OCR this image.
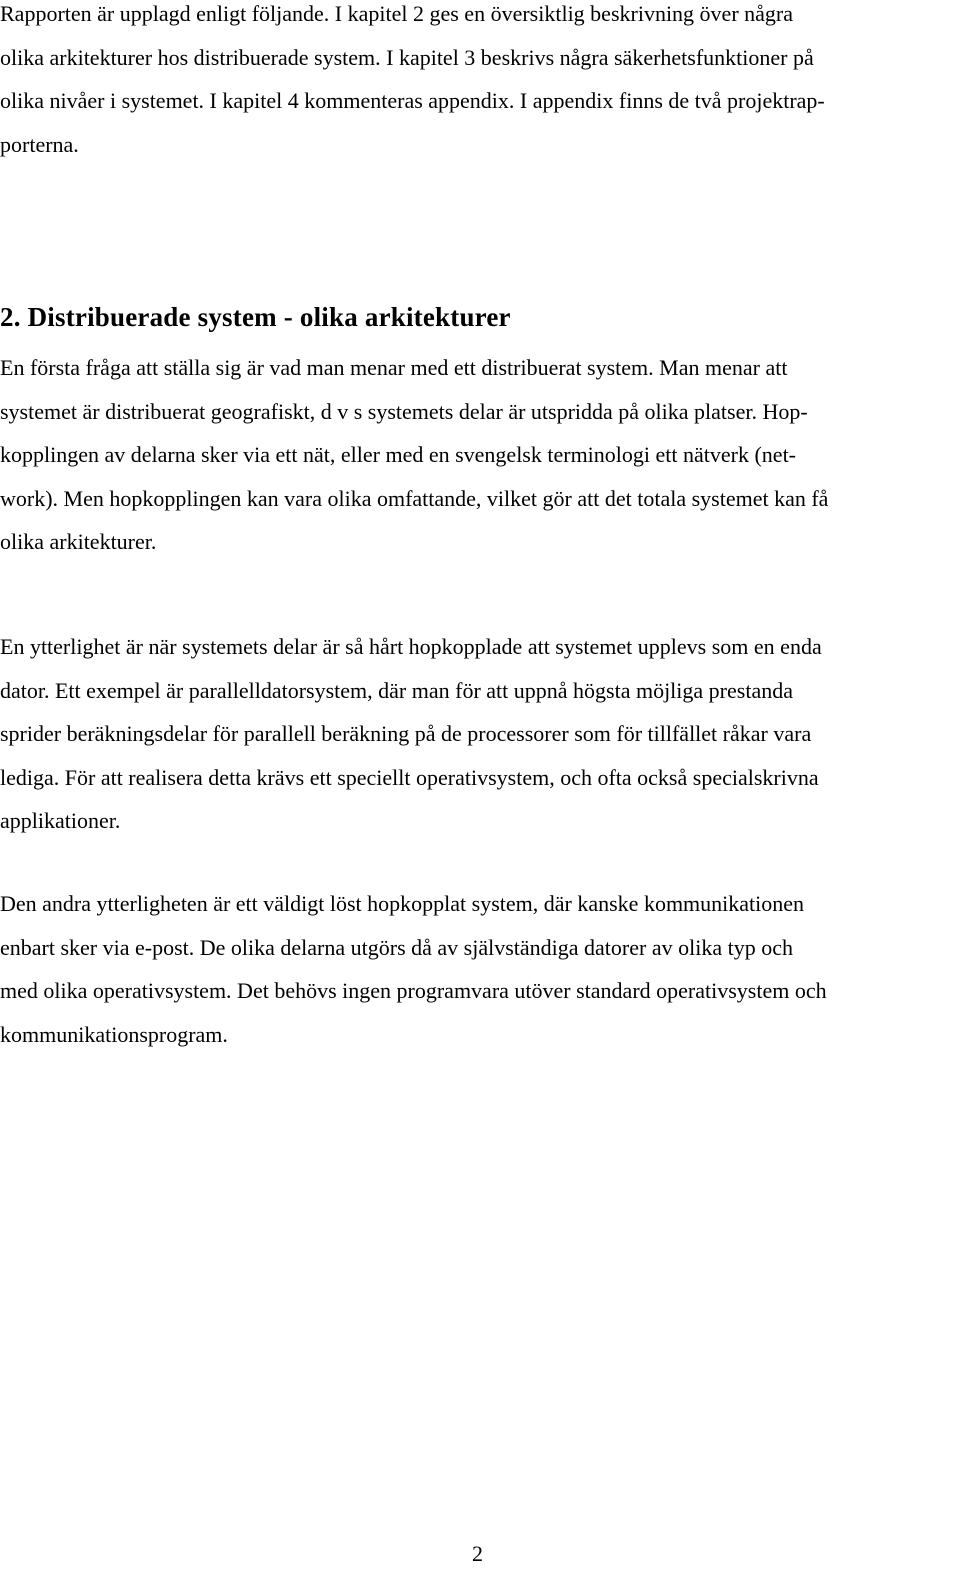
Rapporten är upplagd enligt följande. I kapitel 2 ges en översiktlig beskrivning över några
olika arkitekturer hos distribuerade system. I kapitel 3 beskrivs några säkerhetsfunktioner på
olika nivåer i systemet. I kapitel 4 kommenteras appendix. I appendix finns de två projektrap-
porterna.

2. Distribuerade system - olika arkitekturer

En första fråga att ställa sig är vad man menar med ett distribuerat system. Man menar att
systemet är distribuerat geografiskt, d v s systemets delar är utspridda på olika platser. Hop-
kopplingen av delarna sker via ett nät, eller med en svengelsk terminologi ett nätverk (net-
work). Men hopkopplingen kan vara olika omfattande, vilket gör att det totala systemet kan få
olika arkitekturer.

En ytterlighet är när systemets delar är så hårt hopkopplade att systemet upplevs som en enda
dator. Ett exempel är parallelldatorsystem, där man för att uppnå högsta möjliga prestanda
sprider beräkningsdelar för parallell beräkning på de processorer som för tillfället råkar vara
lediga. För att realisera detta krävs ett speciellt operativsystem, och ofta också specialskrivna
applikationer.

Den andra ytterligheten är ett väldigt löst hopkopplat system, där kanske kommunikationen
enbart sker via e-post. De olika delarna utgörs då av självständiga datorer av olika typ och
med olika operativsystem. Det behövs ingen programvara utöver standard operativsystem och
kommunikationsprogram.

2
